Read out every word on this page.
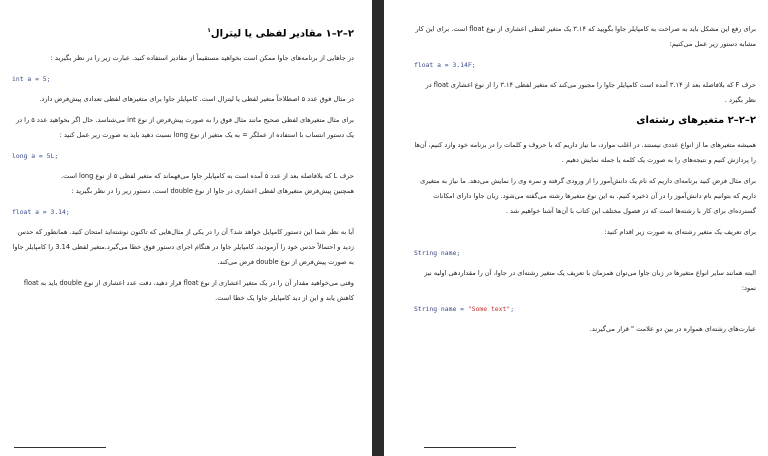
۲–۲–۱ مقادیر لفظی یا لیترال$^۱$

در جاهایی از برنامه‌های جاوا ممکن است بخواهید مستقیماً از مقادیر استفاده کنید. عبارت زیر را در نظر بگیرید :

int a = 5;

در مثال فوق عدد ۵ اصطلاحاً متغیر لفظی یا لیترال است. کامپایلر جاوا برای متغیرهای لفظی تعدادی پیش‌فرض دارد.

برای مثال متغیرهای لفظی صحیح مانند مثال فوق را به صورت پیش‌فرض از نوع int می‌شناسد. حال اگر بخواهید عدد ۵ را در یک دستور انتساب با استفاده از عملگر = به یک متغیر از نوع long نسبت دهید باید به صورت زیر عمل کنید :

long a = 5L;

حرف L که بلافاصله بعد از عدد ۵ آمده است به کامپایلر جاوا می‌فهماند که متغیر لفظی ۵ از نوع long است.

همچنین پیش‌فرض متغیرهای لفظی اعشاری در جاوا از نوع double است. دستور زیر را در نظر بگیرید :

float a = 3.14;

آیا به نظر شما این دستور کامپایل خواهد شد؟ آن را در یکی از مثال‌هایی که تاکنون نوشته‌اید امتحان کنید. همانطور که حدس زدید و احتمالاً حدس خود را آزمودید، کامپایلر جاوا در هنگام اجرای دستور فوق خطا می‌گیرد.متغیر لفظی 3.14 را کامپایلر جاوا به صورت پیش‌فرض از نوع double فرض می‌کند.

وقتی می‌خواهید مقدار آن را در یک متغیر اعشاری از نوع float قرار دهید، دقت عدد اعشاری از نوع double باید به float کاهش یابد و این از دید کامپایلر جاوا یک خطا است.

برای رفع این مشکل باید به صراحت به کامپایلر جاوا بگویید که ۳.۱۴ یک متغیر لفظی اعشاری از نوع float است. برای این کار مشابه دستور زیر عمل می‌کنیم:

float a = 3.14F;

حرف F که بلافاصله بعد از ۳.۱۴ آمده است کامپایلر جاوا را مجبور می‌کند که متغیر لفظی ۳.۱۴ را از نوع اعشاری float در نظر بگیرد .

۲–۲–۲ متغیرهای رشته‌ای

همیشه متغیرهای ما از انواع عددی نیستند. در اغلب موارد، ما نیاز داریم که با حروف و کلمات را در برنامه خود وارد کنیم، آن‌ها را پردازش کنیم و نتیجه‌های را به صورت یک کلمه یا جمله نمایش دهیم .

برای مثال فرض کنید برنامه‌ای داریم که نام یک دانش‌آموز را از ورودی گرفته و نمره وی را نمایش می‌دهد. ما نیاز به متغیری داریم که بتوانیم نام دانش‌آموز را در آن ذخیره کنیم. به این نوع متغیرها رشته می‌گفته می‌شود. زبان جاوا دارای امکانات گسترده‌ای برای کار با رشته‌ها است که در فصول مختلف این کتاب با آن‌ها آشنا خواهیم شد .

برای تعریف یک متغیر رشته‌ای به صورت زیر اقدام کنید:

String name;

البته همانند سایر انواع متغیرها در زبان جاوا می‌توان همزمان با تعریف یک متغیر رشته‌ای در جاوا، آن را مقداردهی اولیه نیز نمود:

String name = "Some text";

عبارت‌های رشته‌ای همواره در بین دو علامت " قرار می‌گیرند.
